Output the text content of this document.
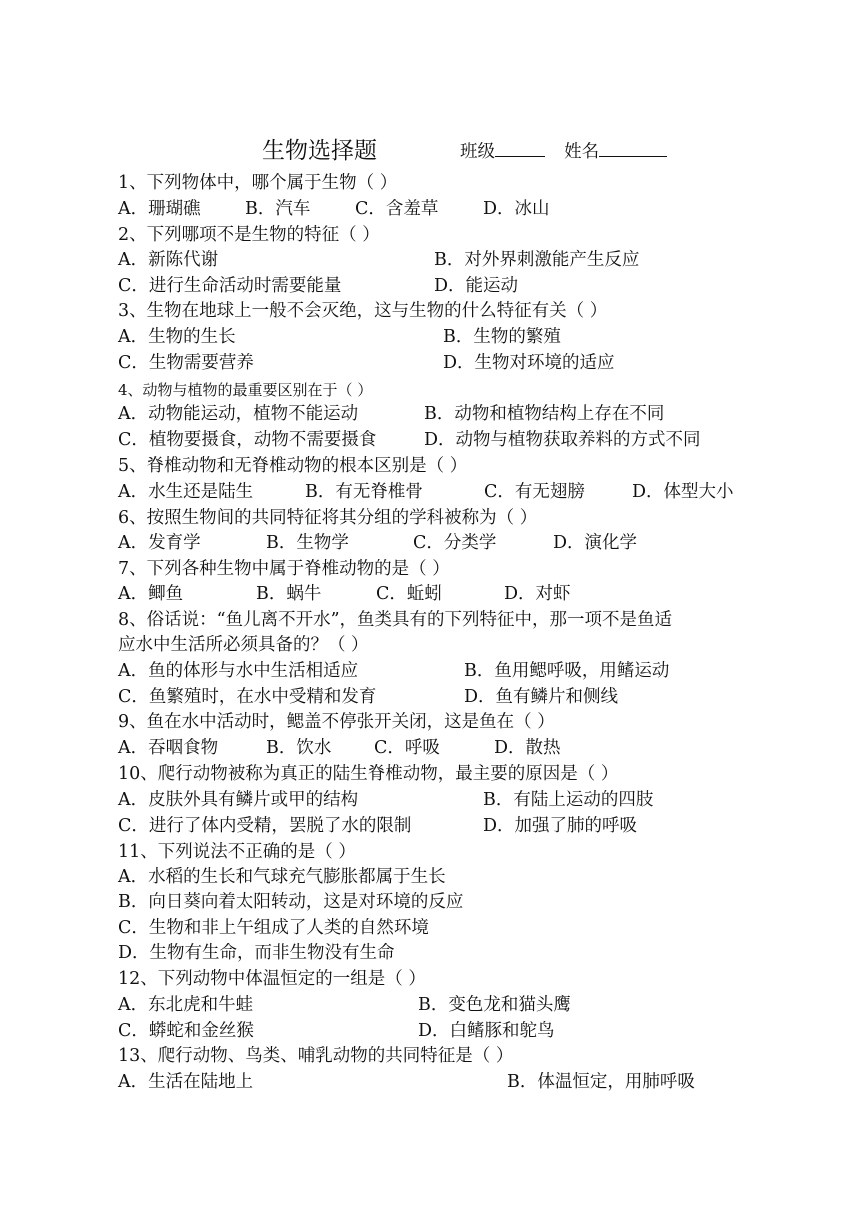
生物选择题	班级	姓名
1、下列物体中，哪个属于生物（ ）
A．珊瑚礁	B．汽车	C．含羞草	D．冰山
2、下列哪项不是生物的特征（ ）
A．新陈代谢	B．对外界刺激能产生反应
C．进行生命活动时需要能量	D．能运动
3、生物在地球上一般不会灭绝，这与生物的什么特征有关（ ）
A．生物的生长	B．生物的繁殖
C．生物需要营养	D．生物对环境的适应
4、动物与植物的最重要区别在于（ ）
A．动物能运动，植物不能运动	B．动物和植物结构上存在不同
C．植物要摄食，动物不需要摄食	D．动物与植物获取养料的方式不同
5、脊椎动物和无脊椎动物的根本区别是（ ）
A．水生还是陆生	B．有无脊椎骨	C．有无翅膀	D．体型大小
6、按照生物间的共同特征将其分组的学科被称为（ ）
A．发育学	B．生物学	C．分类学	D．演化学
7、下列各种生物中属于脊椎动物的是（ ）
A．鲫鱼	B．蜗牛	C．蚯蚓	D．对虾
8、俗话说：“鱼儿离不开水”，鱼类具有的下列特征中，那一项不是鱼适
应水中生活所必须具备的？（ ）
A．鱼的体形与水中生活相适应	B．鱼用鳃呼吸，用鳍运动
C．鱼繁殖时，在水中受精和发育	D．鱼有鳞片和侧线
9、鱼在水中活动时，鳃盖不停张开关闭，这是鱼在（ ）
A．吞咽食物	B．饮水 C．呼吸	D．散热
10、爬行动物被称为真正的陆生脊椎动物，最主要的原因是（ ）
A．皮肤外具有鳞片或甲的结构	B．有陆上运动的四肢
C．进行了体内受精，罢脱了水的限制	D．加强了肺的呼吸
11、下列说法不正确的是（ ）
A．水稻的生长和气球充气膨胀都属于生长
B．向日葵向着太阳转动，这是对环境的反应
C．生物和非上午组成了人类的自然环境
D．生物有生命，而非生物没有生命
12、下列动物中体温恒定的一组是（ ）
A．东北虎和牛蛙	B．变色龙和猫头鹰
C．蟒蛇和金丝猴	D．白鳍豚和鸵鸟
13、爬行动物、鸟类、哺乳动物的共同特征是（ ）
A．生活在陆地上	B．体温恒定，用肺呼吸
